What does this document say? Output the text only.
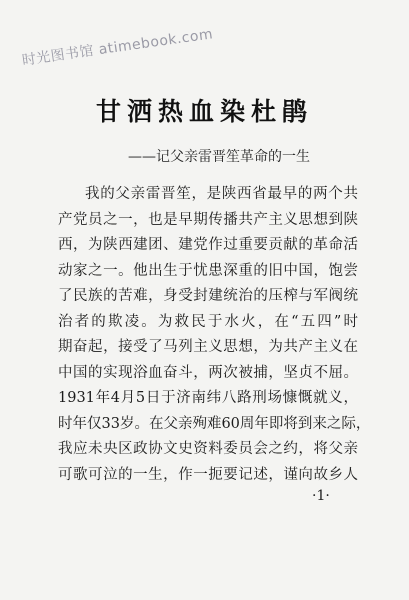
时光图书馆 atimebook.com
甘洒热血染杜鹃
——记父亲雷晋笙革命的一生
我的父亲雷晋笙，是陕西省最早的两个共
产党员之一，也是早期传播共产主义思想到陕
西，为陕西建团、建党作过重要贡献的革命活
动家之一。他出生于忧患深重的旧中国，饱尝
了民族的苦难，身受封建统治的压榨与军阀统
治者的欺凌。为救民于水火，在“五四”时
期奋起，接受了马列主义思想，为共产主义在
中国的实现浴血奋斗，两次被捕，坚贞不屈。
1931年4月5日于济南纬八路刑场慷慨就义，
时年仅33岁。在父亲殉难60周年即将到来之际，
我应未央区政协文史资料委员会之约，将父亲
可歌可泣的一生，作一扼要记述，谨向故乡人
·1·
